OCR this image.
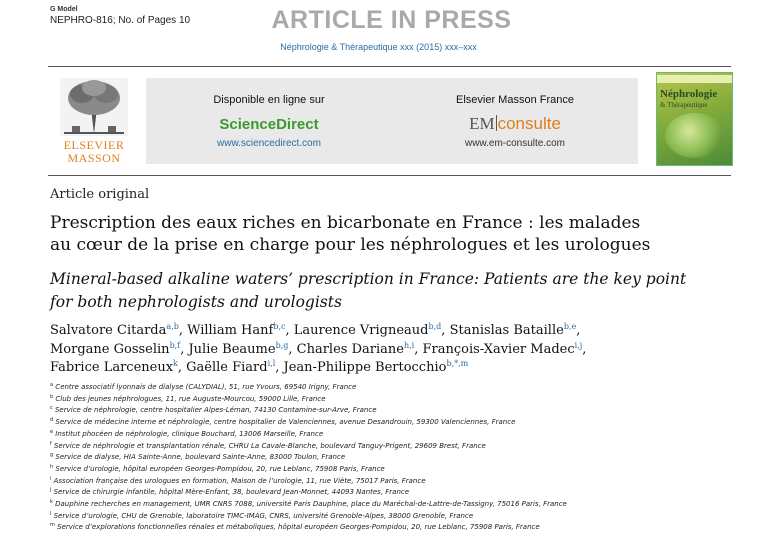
G Model
NEPHRO-816; No. of Pages 10	ARTICLE IN PRESS
Néphrologie & Thérapeutique xxx (2015) xxx–xxx
ELSEVIER
MASSON
Disponible en ligne sur
ScienceDirect
www.sciencedirect.com
Elsevier Masson France
EM consulte
www.em-consulte.com
Néphrologie
& Thérapeutique
Article original
Prescription des eaux riches en bicarbonate en France : les malades
au cœur de la prise en charge pour les néphrologues et les urologues
Mineral-based alkaline waters’ prescription in France: Patients are the key point
for both nephrologists and urologists
Salvatore Citarda$^{a,b}$, William Hanf$^{b,c}$, Laurence Vrigneaud$^{b,d}$, Stanislas Bataille$^{b,e}$,
Morgane Gosselin$^{b,f}$, Julie Beaume$^{b,g}$, Charles Dariane$^{h,i}$, François-Xavier Madec$^{i,j}$,
Fabrice Larceneux$^k$, Gaëlle Fiard$^{i,l}$, Jean-Philippe Bertocchio$^{b,*,m}$
$^a$ Centre associatif lyonnais de dialyse (CALYDIAL), 51, rue Yvours, 69540 Irigny, France
$^b$ Club des jeunes néphrologues, 11, rue Auguste-Mourcou, 59000 Lille, France
$^c$ Service de néphrologie, centre hospitalier Alpes-Léman, 74130 Contamine-sur-Arve, France
$^d$ Service de médecine interne et néphrologie, centre hospitalier de Valenciennes, avenue Desandrouin, 59300 Valenciennes, France
$^e$ Institut phocéen de néphrologie, clinique Bouchard, 13006 Marseille, France
$^f$ Service de néphrologie et transplantation rénale, CHRU La Cavale-Blanche, boulevard Tanguy-Prigent, 29609 Brest, France
$^g$ Service de dialyse, HIA Sainte-Anne, boulevard Sainte-Anne, 83000 Toulon, France
$^h$ Service d’urologie, hôpital européen Georges-Pompidou, 20, rue Leblanc, 75908 Paris, France
$^i$ Association française des urologues en formation, Maison de l’urologie, 11, rue Viète, 75017 Paris, France
$^j$ Service de chirurgie infantile, hôpital Mère-Enfant, 38, boulevard Jean-Monnet, 44093 Nantes, France
$^k$ Dauphine recherches en management, UMR CNRS 7088, université Paris Dauphine, place du Maréchal-de-Lattre-de-Tassigny, 75016 Paris, France
$^l$ Service d’urologie, CHU de Grenoble, laboratoire TIMC-IMAG, CNRS, université Grenoble-Alpes, 38000 Grenoble, France
$^m$ Service d’explorations fonctionnelles rénales et métaboliques, hôpital européen Georges-Pompidou, 20, rue Leblanc, 75908 Paris, France
